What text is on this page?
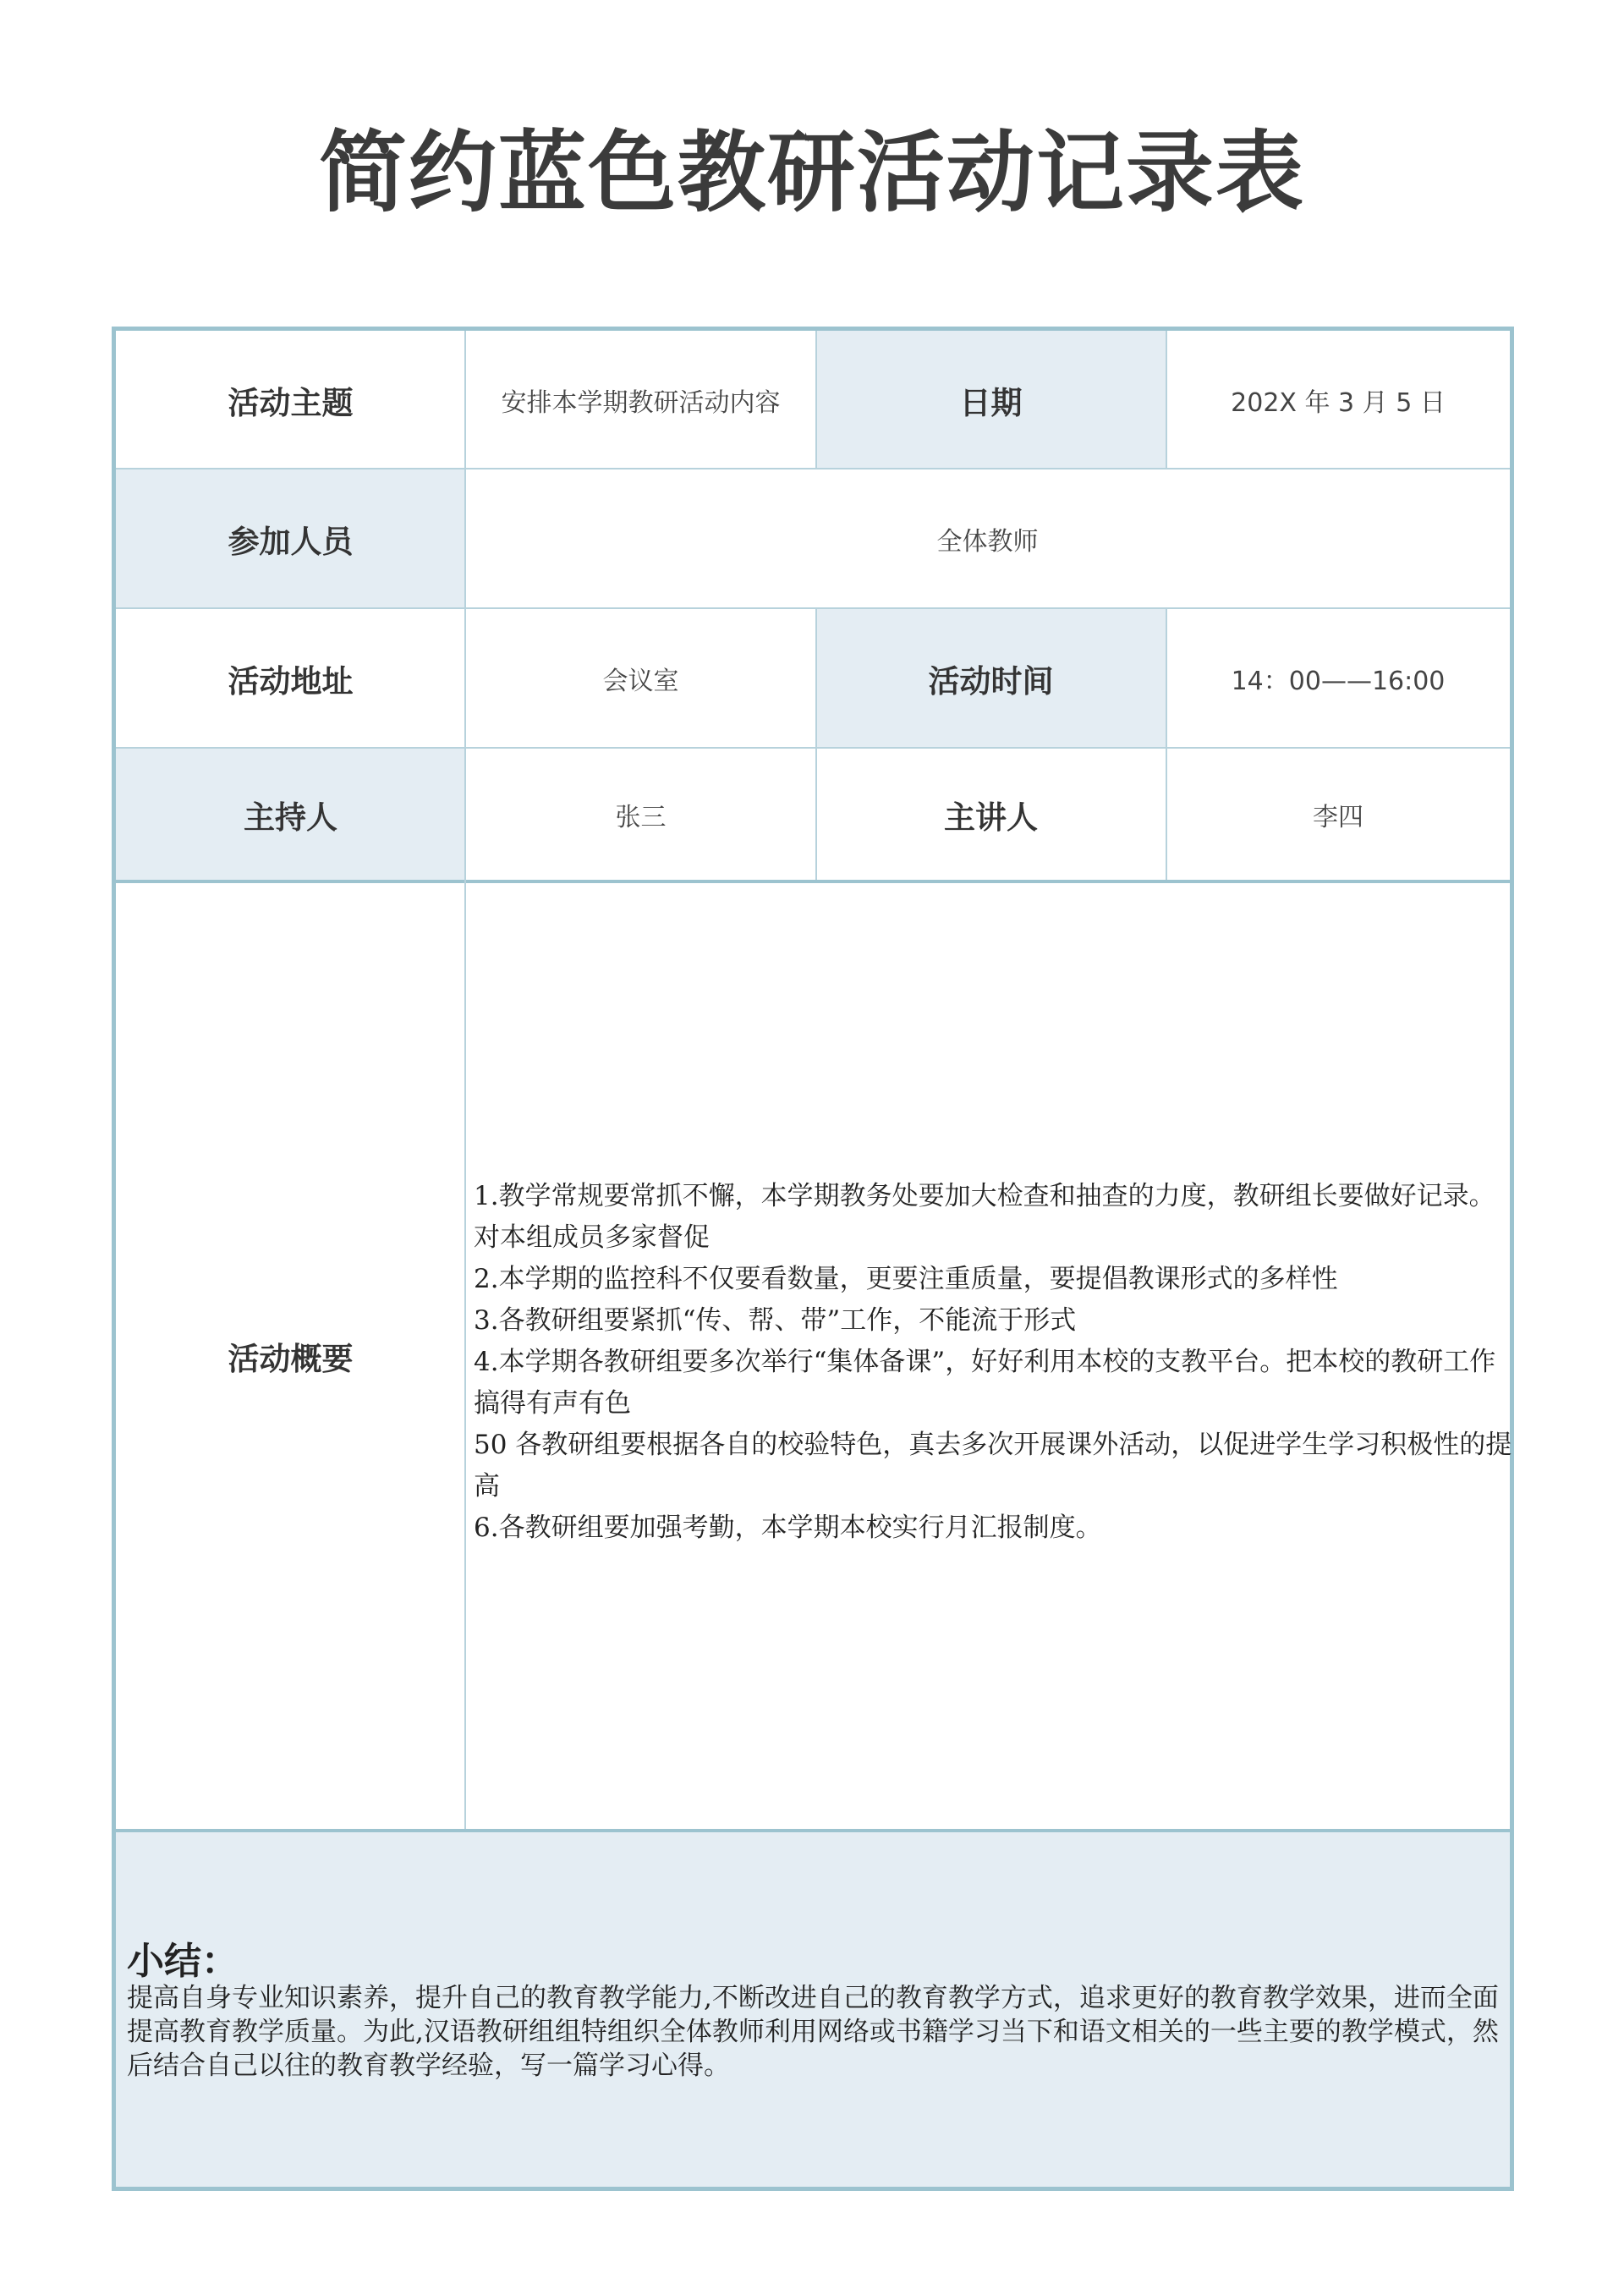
简约蓝色教研活动记录表
活动主题	安排本学期教研活动内容	日期	202X 年 3 月 5 日
参加人员	全体教师
活动地址	会议室	活动时间	14：00——16:00
主持人	张三	主讲人	李四
活动概要

1.教学常规要常抓不懈，本学期教务处要加大检查和抽查的力度，教研组长要做好记录。对本组成员多家督促

2.本学期的监控科不仅要看数量，更要注重质量，要提倡教课形式的多样性

3.各教研组要紧抓“传、帮、带”工作，不能流于形式

4.本学期各教研组要多次举行“集体备课”，好好利用本校的支教平台。把本校的教研工作搞得有声有色

50 各教研组要根据各自的校验特色，真去多次开展课外活动，以促进学生学习积极性的提高

6.各教研组要加强考勤，本学期本校实行月汇报制度。

小结：
提高自身专业知识素养，提升自己的教育教学能力,不断改进自己的教育教学方式，追求更好的教育教学效果，进而全面提高教育教学质量。为此,汉语教研组组特组织全体教师利用网络或书籍学习当下和语文相关的一些主要的教学模式，然后结合自己以往的教育教学经验，写一篇学习心得。
